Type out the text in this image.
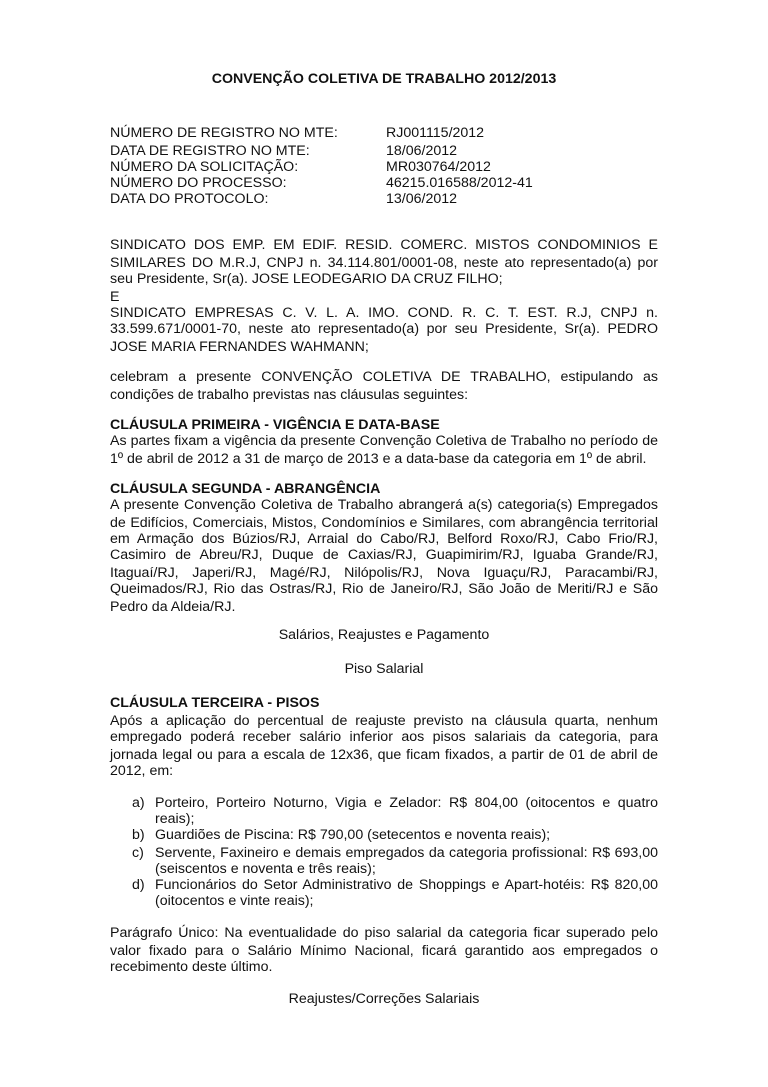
CONVENÇÃO COLETIVA DE TRABALHO 2012/2013
NÚMERO DE REGISTRO NO MTE:	RJ001115/2012
DATA DE REGISTRO NO MTE:	18/06/2012
NÚMERO DA SOLICITAÇÃO:	MR030764/2012
NÚMERO DO PROCESSO:	46215.016588/2012-41
DATA DO PROTOCOLO:	13/06/2012
SINDICATO DOS EMP. EM EDIF. RESID. COMERC. MISTOS CONDOMINIOS E
SIMILARES DO M.R.J, CNPJ n. 34.114.801/0001-08, neste ato representado(a) por
seu Presidente, Sr(a). JOSE LEODEGARIO DA CRUZ FILHO;
E
SINDICATO EMPRESAS C. V. L. A. IMO. COND. R. C. T. EST. R.J, CNPJ n.
33.599.671/0001-70, neste ato representado(a) por seu Presidente, Sr(a). PEDRO
JOSE MARIA FERNANDES WAHMANN;
celebram a presente CONVENÇÃO COLETIVA DE TRABALHO, estipulando as
condições de trabalho previstas nas cláusulas seguintes:
CLÁUSULA PRIMEIRA - VIGÊNCIA E DATA-BASE
As partes fixam a vigência da presente Convenção Coletiva de Trabalho no período de
1º de abril de 2012 a 31 de março de 2013 e a data-base da categoria em 1º de abril.
CLÁUSULA SEGUNDA - ABRANGÊNCIA
A presente Convenção Coletiva de Trabalho abrangerá a(s) categoria(s) Empregados
de Edifícios, Comerciais, Mistos, Condomínios e Similares, com abrangência territorial
em Armação dos Búzios/RJ, Arraial do Cabo/RJ, Belford Roxo/RJ, Cabo Frio/RJ,
Casimiro de Abreu/RJ, Duque de Caxias/RJ, Guapimirim/RJ, Iguaba Grande/RJ,
Itaguaí/RJ, Japeri/RJ, Magé/RJ, Nilópolis/RJ, Nova Iguaçu/RJ, Paracambi/RJ,
Queimados/RJ, Rio das Ostras/RJ, Rio de Janeiro/RJ, São João de Meriti/RJ e São
Pedro da Aldeia/RJ.
Salários, Reajustes e Pagamento
Piso Salarial
CLÁUSULA TERCEIRA - PISOS
Após a aplicação do percentual de reajuste previsto na cláusula quarta, nenhum
empregado poderá receber salário inferior aos pisos salariais da categoria, para
jornada legal ou para a escala de 12x36, que ficam fixados, a partir de 01 de abril de
2012, em:
a) Porteiro, Porteiro Noturno, Vigia e Zelador: R$ 804,00 (oitocentos e quatro
reais);
b) Guardiões de Piscina: R$ 790,00 (setecentos e noventa reais);
c) Servente, Faxineiro e demais empregados da categoria profissional: R$ 693,00
(seiscentos e noventa e três reais);
d) Funcionários do Setor Administrativo de Shoppings e Apart-hotéis: R$ 820,00
(oitocentos e vinte reais);
Parágrafo Único: Na eventualidade do piso salarial da categoria ficar superado pelo
valor fixado para o Salário Mínimo Nacional, ficará garantido aos empregados o
recebimento deste último.
Reajustes/Correções Salariais
